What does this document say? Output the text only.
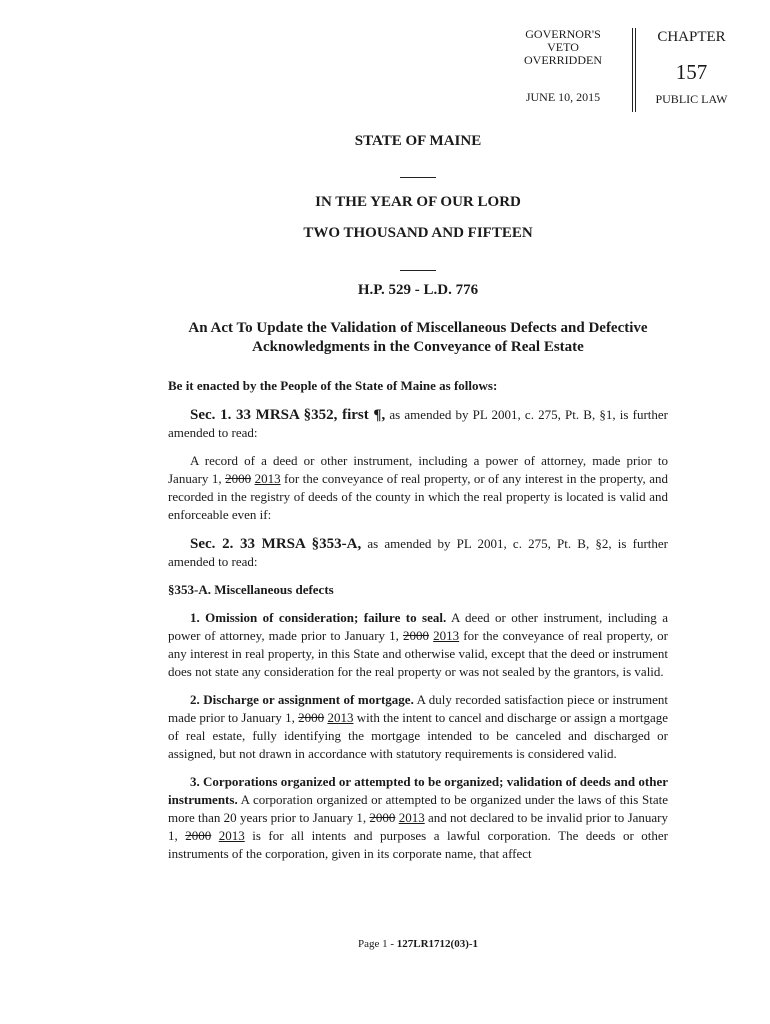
GOVERNOR'S
VETO
OVERRIDDEN
JUNE 10, 2015
CHAPTER
157
PUBLIC LAW
STATE OF MAINE
IN THE YEAR OF OUR LORD
TWO THOUSAND AND FIFTEEN
H.P. 529 - L.D. 776
An Act To Update the Validation of Miscellaneous Defects and Defective
Acknowledgments in the Conveyance of Real Estate

Be it enacted by the People of the State of Maine as follows:

Sec. 1. 33 MRSA §352, first ¶, as amended by PL 2001, c. 275, Pt. B, §1, is further amended to read:

A record of a deed or other instrument, including a power of attorney, made prior to January 1, 2000 2013 for the conveyance of real property, or of any interest in the property, and recorded in the registry of deeds of the county in which the real property is located is valid and enforceable even if:

Sec. 2. 33 MRSA §353-A, as amended by PL 2001, c. 275, Pt. B, §2, is further amended to read:

§353-A. Miscellaneous defects

1. Omission of consideration; failure to seal. A deed or other instrument, including a power of attorney, made prior to January 1, 2000 2013 for the conveyance of real property, or any interest in real property, in this State and otherwise valid, except that the deed or instrument does not state any consideration for the real property or was not sealed by the grantors, is valid.

2. Discharge or assignment of mortgage. A duly recorded satisfaction piece or instrument made prior to January 1, 2000 2013 with the intent to cancel and discharge or assign a mortgage of real estate, fully identifying the mortgage intended to be canceled and discharged or assigned, but not drawn in accordance with statutory requirements is considered valid.

3. Corporations organized or attempted to be organized; validation of deeds and other instruments. A corporation organized or attempted to be organized under the laws of this State more than 20 years prior to January 1, 2000 2013 and not declared to be invalid prior to January 1, 2000 2013 is for all intents and purposes a lawful corporation. The deeds or other instruments of the corporation, given in its corporate name, that affect

Page 1 - 127LR1712(03)-1
